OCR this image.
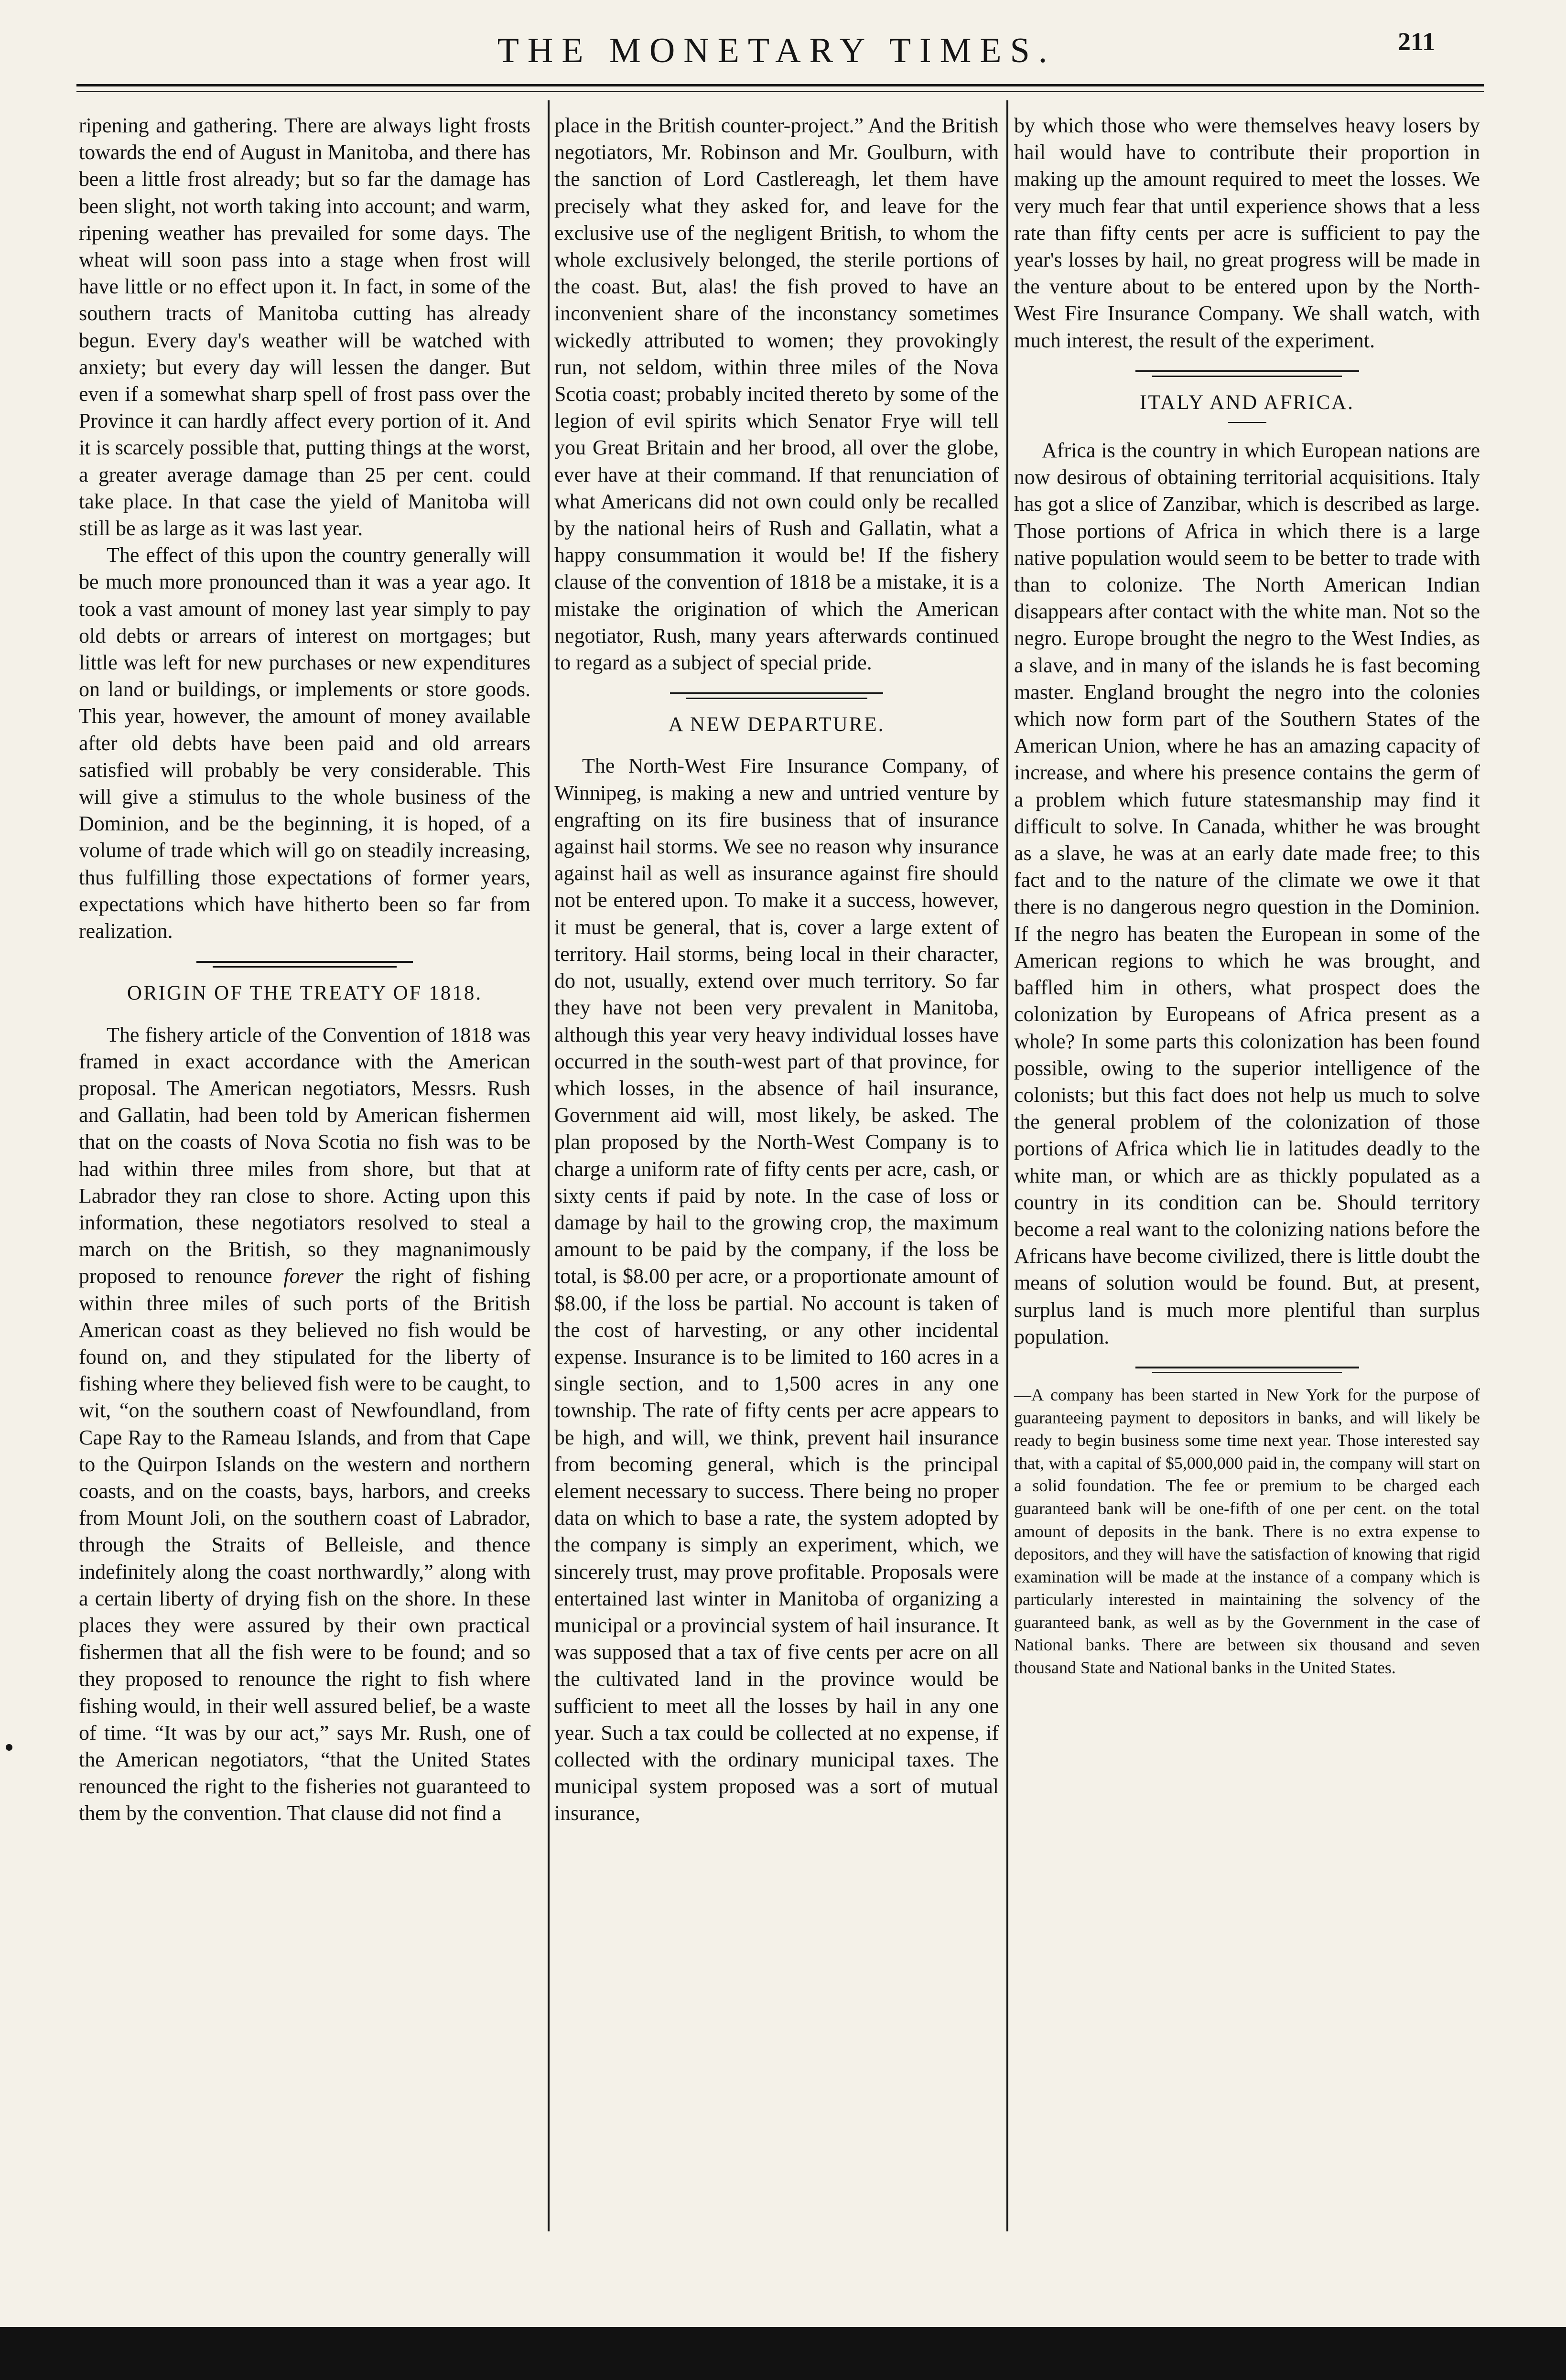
THE MONETARY TIMES.	211

ripening and gathering. There are always light frosts towards the end of August in Manitoba, and there has been a little frost already; but so far the damage has been slight, not worth taking into account; and warm, ripening weather has prevailed for some days. The wheat will soon pass into a stage when frost will have little or no effect upon it. In fact, in some of the southern tracts of Manitoba cutting has already begun. Every day's weather will be watched with anxiety; but every day will lessen the danger. But even if a somewhat sharp spell of frost pass over the Province it can hardly affect every portion of it. And it is scarcely possible that, putting things at the worst, a greater average damage than 25 per cent. could take place. In that case the yield of Manitoba will still be as large as it was last year.

The effect of this upon the country generally will be much more pronounced than it was a year ago. It took a vast amount of money last year simply to pay old debts or arrears of interest on mortgages; but little was left for new purchases or new expenditures on land or buildings, or implements or store goods. This year, however, the amount of money available after old debts have been paid and old arrears satisfied will probably be very considerable. This will give a stimulus to the whole business of the Dominion, and be the beginning, it is hoped, of a volume of trade which will go on steadily increasing, thus fulfilling those expectations of former years, expectations which have hitherto been so far from realization.

ORIGIN OF THE TREATY OF 1818.

The fishery article of the Convention of 1818 was framed in exact accordance with the American proposal. The American negotiators, Messrs. Rush and Gallatin, had been told by American fishermen that on the coasts of Nova Scotia no fish was to be had within three miles from shore, but that at Labrador they ran close to shore. Acting upon this information, these negotiators resolved to steal a march on the British, so they magnanimously proposed to renounce forever the right of fishing within three miles of such ports of the British American coast as they believed no fish would be found on, and they stipulated for the liberty of fishing where they believed fish were to be caught, to wit, “on the southern coast of Newfoundland, from Cape Ray to the Rameau Islands, and from that Cape to the Quirpon Islands on the western and northern coasts, and on the coasts, bays, harbors, and creeks from Mount Joli, on the southern coast of Labrador, through the Straits of Belleisle, and thence indefinitely along the coast northwardly,” along with a certain liberty of drying fish on the shore. In these places they were assured by their own practical fishermen that all the fish were to be found; and so they proposed to renounce the right to fish where fishing would, in their well assured belief, be a waste of time. “It was by our act,” says Mr. Rush, one of the American negotiators, “that the United States renounced the right to the fisheries not guaranteed to them by the convention. That clause did not find a

place in the British counter-project.” And the British negotiators, Mr. Robinson and Mr. Goulburn, with the sanction of Lord Castlereagh, let them have precisely what they asked for, and leave for the exclusive use of the negligent British, to whom the whole exclusively belonged, the sterile portions of the coast. But, alas! the fish proved to have an inconvenient share of the inconstancy sometimes wickedly attributed to women; they provokingly run, not seldom, within three miles of the Nova Scotia coast; probably incited thereto by some of the legion of evil spirits which Senator Frye will tell you Great Britain and her brood, all over the globe, ever have at their command. If that renunciation of what Americans did not own could only be recalled by the national heirs of Rush and Gallatin, what a happy consummation it would be! If the fishery clause of the convention of 1818 be a mistake, it is a mistake the origination of which the American negotiator, Rush, many years afterwards continued to regard as a subject of special pride.

A NEW DEPARTURE.

The North-West Fire Insurance Company, of Winnipeg, is making a new and untried venture by engrafting on its fire business that of insurance against hail storms. We see no reason why insurance against hail as well as insurance against fire should not be entered upon. To make it a success, however, it must be general, that is, cover a large extent of territory. Hail storms, being local in their character, do not, usually, extend over much territory. So far they have not been very prevalent in Manitoba, although this year very heavy individual losses have occurred in the south-west part of that province, for which losses, in the absence of hail insurance, Government aid will, most likely, be asked. The plan proposed by the North-West Company is to charge a uniform rate of fifty cents per acre, cash, or sixty cents if paid by note. In the case of loss or damage by hail to the growing crop, the maximum amount to be paid by the company, if the loss be total, is $8.00 per acre, or a proportionate amount of $8.00, if the loss be partial. No account is taken of the cost of harvesting, or any other incidental expense. Insurance is to be limited to 160 acres in a single section, and to 1,500 acres in any one township. The rate of fifty cents per acre appears to be high, and will, we think, prevent hail insurance from becoming general, which is the principal element necessary to success. There being no proper data on which to base a rate, the system adopted by the company is simply an experiment, which, we sincerely trust, may prove profitable. Proposals were entertained last winter in Manitoba of organizing a municipal or a provincial system of hail insurance. It was supposed that a tax of five cents per acre on all the cultivated land in the province would be sufficient to meet all the losses by hail in any one year. Such a tax could be collected at no expense, if collected with the ordinary municipal taxes. The municipal system proposed was a sort of mutual insurance,

by which those who were themselves heavy losers by hail would have to contribute their proportion in making up the amount required to meet the losses. We very much fear that until experience shows that a less rate than fifty cents per acre is sufficient to pay the year's losses by hail, no great progress will be made in the venture about to be entered upon by the North-West Fire Insurance Company. We shall watch, with much interest, the result of the experiment.

ITALY AND AFRICA.

Africa is the country in which European nations are now desirous of obtaining territorial acquisitions. Italy has got a slice of Zanzibar, which is described as large. Those portions of Africa in which there is a large native population would seem to be better to trade with than to colonize. The North American Indian disappears after contact with the white man. Not so the negro. Europe brought the negro to the West Indies, as a slave, and in many of the islands he is fast becoming master. England brought the negro into the colonies which now form part of the Southern States of the American Union, where he has an amazing capacity of increase, and where his presence contains the germ of a problem which future statesmanship may find it difficult to solve. In Canada, whither he was brought as a slave, he was at an early date made free; to this fact and to the nature of the climate we owe it that there is no dangerous negro question in the Dominion. If the negro has beaten the European in some of the American regions to which he was brought, and baffled him in others, what prospect does the colonization by Europeans of Africa present as a whole? In some parts this colonization has been found possible, owing to the superior intelligence of the colonists; but this fact does not help us much to solve the general problem of the colonization of those portions of Africa which lie in latitudes deadly to the white man, or which are as thickly populated as a country in its condition can be. Should territory become a real want to the colonizing nations before the Africans have become civilized, there is little doubt the means of solution would be found. But, at present, surplus land is much more plentiful than surplus population.

—A company has been started in New York for the purpose of guaranteeing payment to depositors in banks, and will likely be ready to begin business some time next year. Those interested say that, with a capital of $5,000,000 paid in, the company will start on a solid foundation. The fee or premium to be charged each guaranteed bank will be one-fifth of one per cent. on the total amount of deposits in the bank. There is no extra expense to depositors, and they will have the satisfaction of knowing that rigid examination will be made at the instance of a company which is particularly interested in maintaining the solvency of the guaranteed bank, as well as by the Government in the case of National banks. There are between six thousand and seven thousand State and National banks in the United States.
